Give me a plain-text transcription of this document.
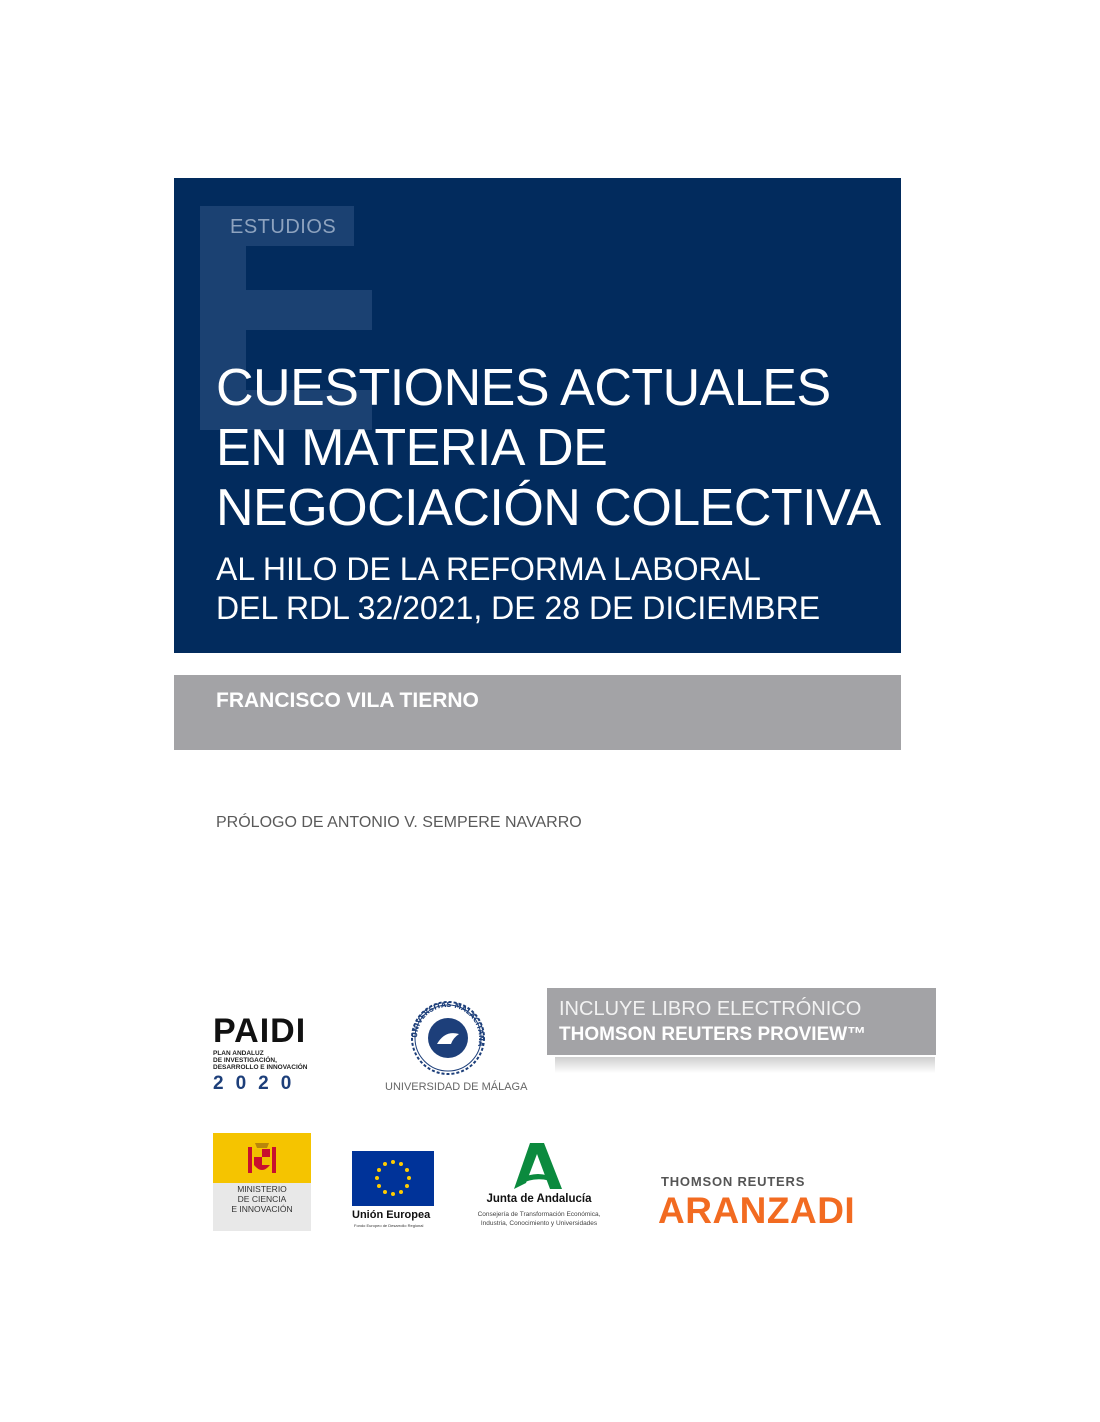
ESTUDIOS
CUESTIONES ACTUALES
EN MATERIA DE
NEGOCIACIÓN COLECTIVA
AL HILO DE LA REFORMA LABORAL
DEL RDL 32/2021, DE 28 DE DICIEMBRE
FRANCISCO VILA TIERNO
PRÓLOGO DE ANTONIO V. SEMPERE NAVARRO
INCLUYE LIBRO ELECTRÓNICO
THOMSON REUTERS PROVIEW™
PAIDI
PLAN ANDALUZ
DE INVESTIGACIÓN,
DESARROLLO E INNOVACIÓN
2020
UNIVERSITAS MALACITANA
UNIVERSIDAD DE MÁLAGA
MINISTERIO
DE CIENCIA
E INNOVACIÓN	Unión Europea
Fondo Europeo de Desarrollo Regional
Junta de Andalucía
Consejería de Transformación Económica,
Industria, Conocimiento y Universidades
THOMSON REUTERS
ARANZADI
